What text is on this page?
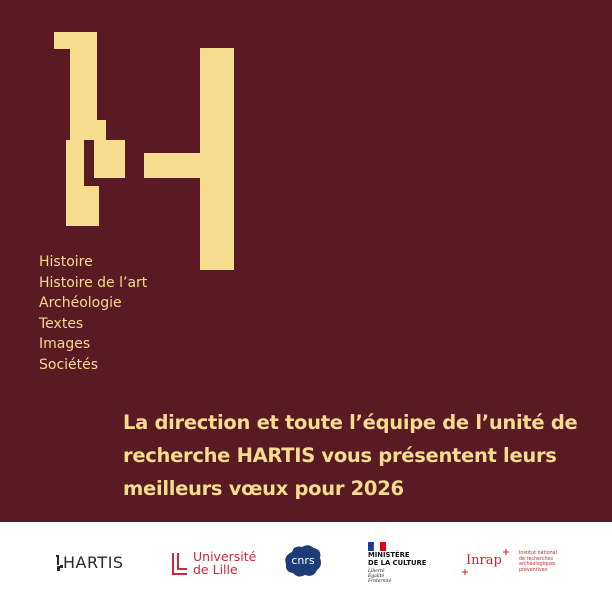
Histoire
Histoire de l’art
Archéologie
Textes
Images
Sociétés
La direction et toute l’équipe de l’unité de
recherche HARTIS vous présentent leurs
meilleurs vœux pour 2026
HARTIS	Université
de Lille
cnrs	MINISTÈRE
DE LA CULTURE
Liberté
Égalité
Fraternité
Inrap	Institut national
de recherches
archéologiques
préventives
